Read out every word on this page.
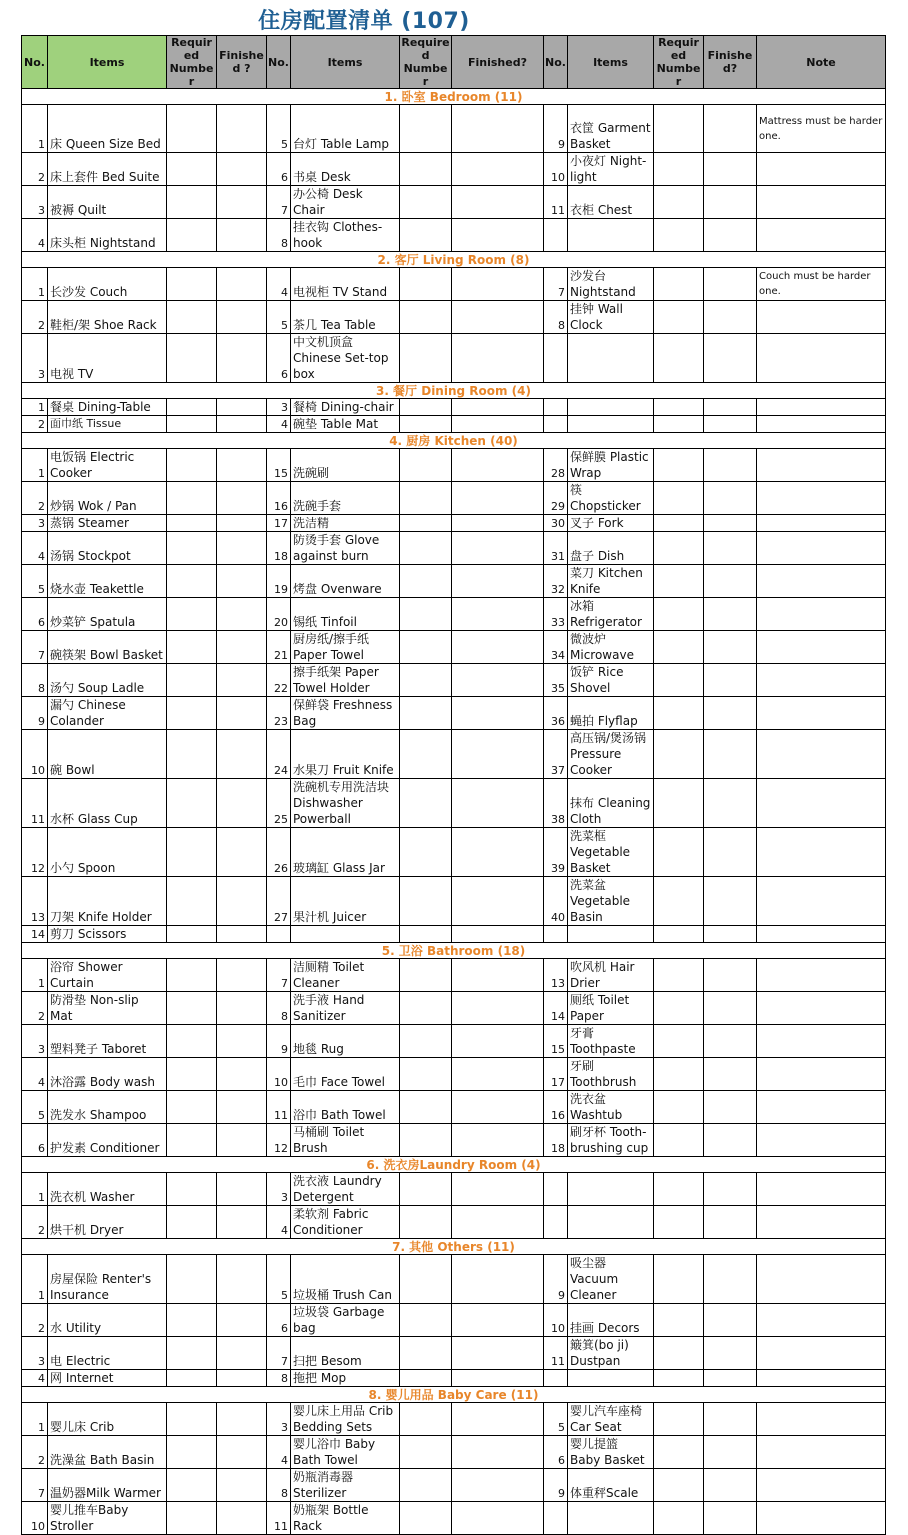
住房配置清单 (107)
No.	Items	Required Number	Finished ?	No.	Items	Required Number	Finished?	No.	Items	Required Number	Finished?	Note
1. 卧室 Bedroom (11)												
1	床 Queen Size Bed			5	台灯 Table Lamp			9	衣筐 Garment Basket			Mattress must be harder one.
2	床上套件 Bed Suite			6	书桌 Desk			10	小夜灯 Night-light			
3	被褥 Quilt			7	办公椅 Desk Chair			11	衣柜 Chest			
4	床头柜 Nightstand			8	挂衣钩 Clothes-hook							
2. 客厅 Living Room (8)												
1	长沙发 Couch			4	电视柜 TV Stand			7	沙发台 Nightstand			Couch must be harder one.
2	鞋柜/架 Shoe Rack			5	茶几 Tea Table			8	挂钟 Wall Clock			
3	电视 TV			6	中文机顶盒 Chinese Set-top box							
3. 餐厅 Dining Room (4)												
1	餐桌 Dining-Table			3	餐椅 Dining-chair							
2	面巾纸 Tissue			4	碗垫 Table Mat							
4. 厨房 Kitchen (40)												
1	电饭锅 Electric Cooker			15	洗碗刷			28	保鲜膜 Plastic Wrap			
2	炒锅 Wok / Pan			16	洗碗手套			29	筷 Chopsticker			
3	蒸锅 Steamer			17	洗洁精			30	叉子 Fork			
4	汤锅 Stockpot			18	防烫手套 Glove against burn			31	盘子 Dish			
5	烧水壶 Teakettle			19	烤盘 Ovenware			32	菜刀 Kitchen Knife			
6	炒菜铲 Spatula			20	锡纸 Tinfoil			33	冰箱 Refrigerator			
7	碗筷架 Bowl Basket			21	厨房纸/擦手纸 Paper Towel			34	微波炉 Microwave			
8	汤勺 Soup Ladle			22	擦手纸架 Paper Towel Holder			35	饭铲 Rice Shovel			
9	漏勺 Chinese Colander			23	保鲜袋 Freshness Bag			36	蝇拍 Flyflap			
10	碗 Bowl			24	水果刀 Fruit Knife			37	高压锅/煲汤锅 Pressure Cooker			
11	水杯 Glass Cup			25	洗碗机专用洗洁块 Dishwasher Powerball			38	抹布 Cleaning Cloth			
12	小勺 Spoon			26	玻璃缸 Glass Jar			39	洗菜框 Vegetable Basket			
13	刀架 Knife Holder			27	果汁机 Juicer			40	洗菜盆 Vegetable Basin			
14	剪刀 Scissors											
5. 卫浴 Bathroom (18)												
1	浴帘 Shower Curtain			7	洁厕精 Toilet Cleaner			13	吹风机 Hair Drier			
2	防滑垫 Non-slip Mat			8	洗手液 Hand Sanitizer			14	厕纸 Toilet Paper			
3	塑料凳子 Taboret			9	地毯 Rug			15	牙膏 Toothpaste			
4	沐浴露 Body wash			10	毛巾 Face Towel			17	牙刷 Toothbrush			
5	洗发水 Shampoo			11	浴巾 Bath Towel			16	洗衣盆 Washtub			
6	护发素 Conditioner			12	马桶刷 Toilet Brush			18	刷牙杯 Tooth-brushing cup			
6. 洗衣房Laundry Room (4)												
1	洗衣机 Washer			3	洗衣液 Laundry Detergent							
2	烘干机 Dryer			4	柔软剂 Fabric Conditioner							
7. 其他 Others (11)												
1	房屋保险 Renter's Insurance			5	垃圾桶 Trush Can			9	吸尘器 Vacuum Cleaner			
2	水 Utility			6	垃圾袋 Garbage bag			10	挂画 Decors			
3	电 Electric			7	扫把 Besom			11	簸箕(bo ji) Dustpan			
4	网 Internet			8	拖把 Mop							
8. 婴儿用品 Baby Care (11)												
1	婴儿床 Crib			3	婴儿床上用品 Crib Bedding Sets			5	婴儿汽车座椅 Car Seat			
2	洗澡盆 Bath Basin			4	婴儿浴巾 Baby Bath Towel			6	婴儿提篮 Baby Basket			
7	温奶器Milk Warmer			8	奶瓶消毒器Sterilizer			9	体重秤Scale			
10	婴儿推车Baby Stroller			11	奶瓶架 Bottle Rack							
